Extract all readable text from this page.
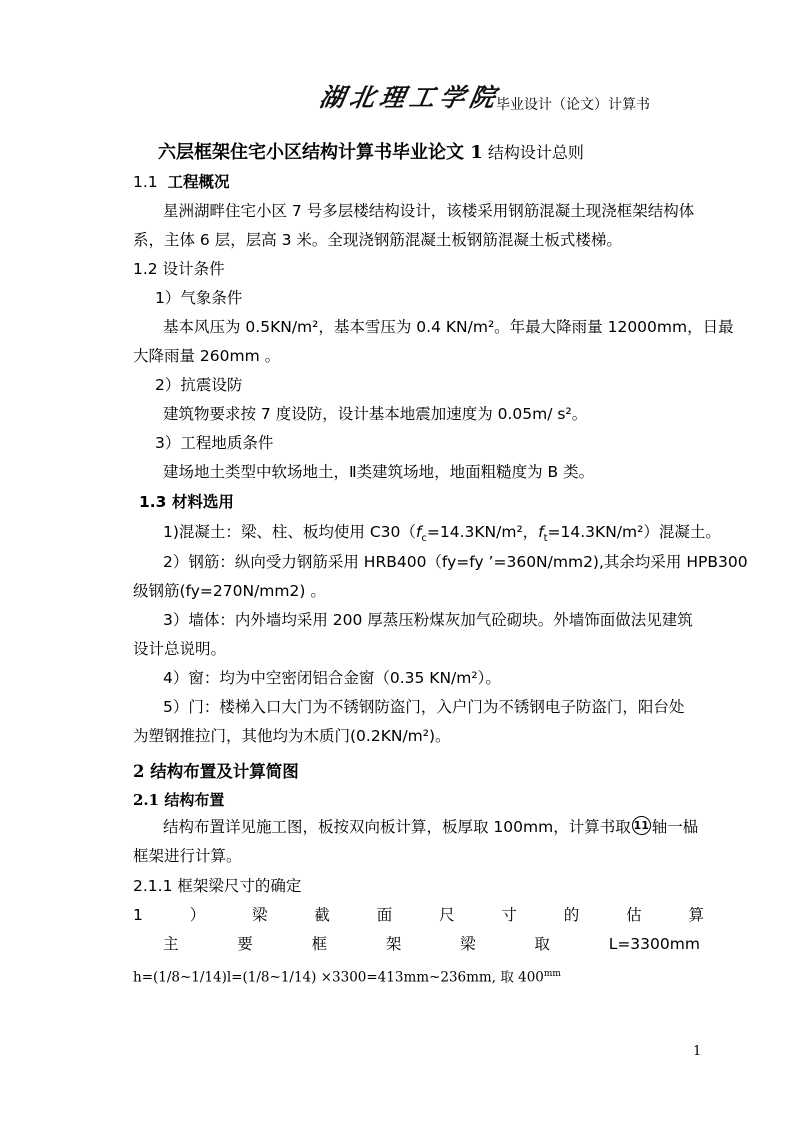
湖北理工学院
毕业设计（论文）计算书
六层框架住宅小区结构计算书毕业论文 1 结构设计总则
1.1 工程概况
星洲湖畔住宅小区 7 号多层楼结构设计，该楼采用钢筋混凝土现浇框架结构体
系，主体 6 层，层高 3 米。全现浇钢筋混凝土板钢筋混凝土板式楼梯。
1.2 设计条件
1）气象条件
基本风压为 0.5KN/m²，基本雪压为 0.4 KN/m²。年最大降雨量 12000mm，日最
大降雨量 260mm 。
2）抗震设防
建筑物要求按 7 度设防，设计基本地震加速度为 0.05m/ s²。
3）工程地质条件
建场地土类型中软场地土，Ⅱ类建筑场地，地面粗糙度为 B 类。
1.3 材料选用
1)混凝土：梁、柱、板均使用 $C30(f_c=14.3KN/m^2$，$f_t=14.3KN/m^2$）混凝土。
2）钢筋：纵向受力钢筋采用 HRB400（fy=fy ’=360N/mm2),其余均采用 HPB300
级钢筋(fy=270N/mm2) 。
3）墙体：内外墙均采用 200 厚蒸压粉煤灰加气砼砌块。外墙饰面做法见建筑
设计总说明。
4）窗：均为中空密闭铝合金窗（0.35 KN/m²）。
5）门：楼梯入口大门为不锈钢防盗门，入户门为不锈钢电子防盗门，阳台处
为塑钢推拉门，其他均为木质门(0.2KN/m²)。
2 结构布置及计算简图
2.1 结构布置
结构布置详见施工图，板按双向板计算，板厚取 100mm，计算书取 11 轴一榀
框架进行计算。
2.1.1 框架梁尺寸的确定
1	）	梁	截	面	尺	寸	的	估	算
主	要	框	架	梁	取	L=3300mm
h=(1/8~1/14)l=(1/8~1/14) ×3300=413mm~236mm, 取 $400^{mm}$
1
